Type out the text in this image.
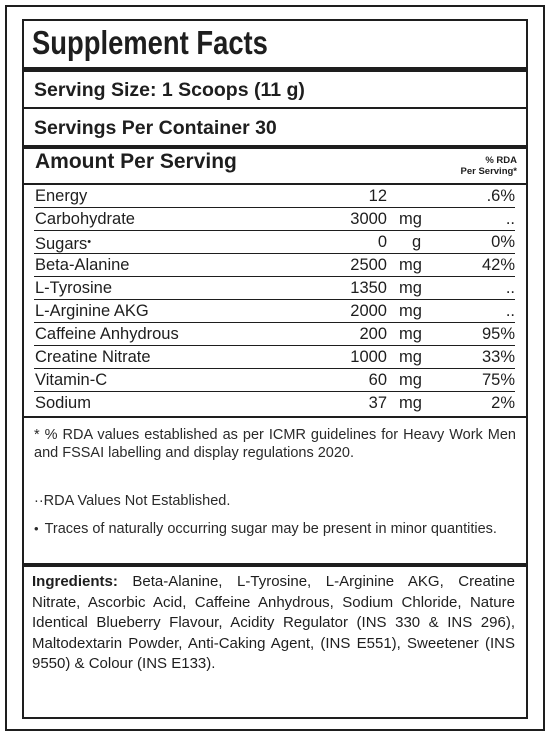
Supplement Facts
Serving Size: 1 Scoops (11 g)
Servings Per Container 30
Amount Per Serving	% RDA
Per Serving*
Energy	12	.6%
Carbohydrate	3000 mg	..
Sugars•	0 g	0%
Beta-Alanine	2500 mg	42%
L-Tyrosine	1350 mg	..
L-Arginine AKG	2000 mg	..
Caffeine Anhydrous	200 mg	95%
Creatine Nitrate	1000 mg	33%
Vitamin-C	60 mg	75%
Sodium	37 mg	2%
* % RDA values established as per ICMR guidelines for Heavy Work Men and FSSAI labelling and display regulations 2020.
··RDA Values Not Established.
• Traces of naturally occurring sugar may be present in minor quantities.
Ingredients: Beta-Alanine, L-Tyrosine, L-Arginine AKG, Creatine Nitrate, Ascorbic Acid, Caffeine Anhydrous, Sodium Chloride, Nature Identical Blueberry Flavour, Acidity Regulator (INS 330 & INS 296), Maltodextarin Powder, Anti-Caking Agent, (INS E551), Sweetener (INS 9550) & Colour (INS E133).
